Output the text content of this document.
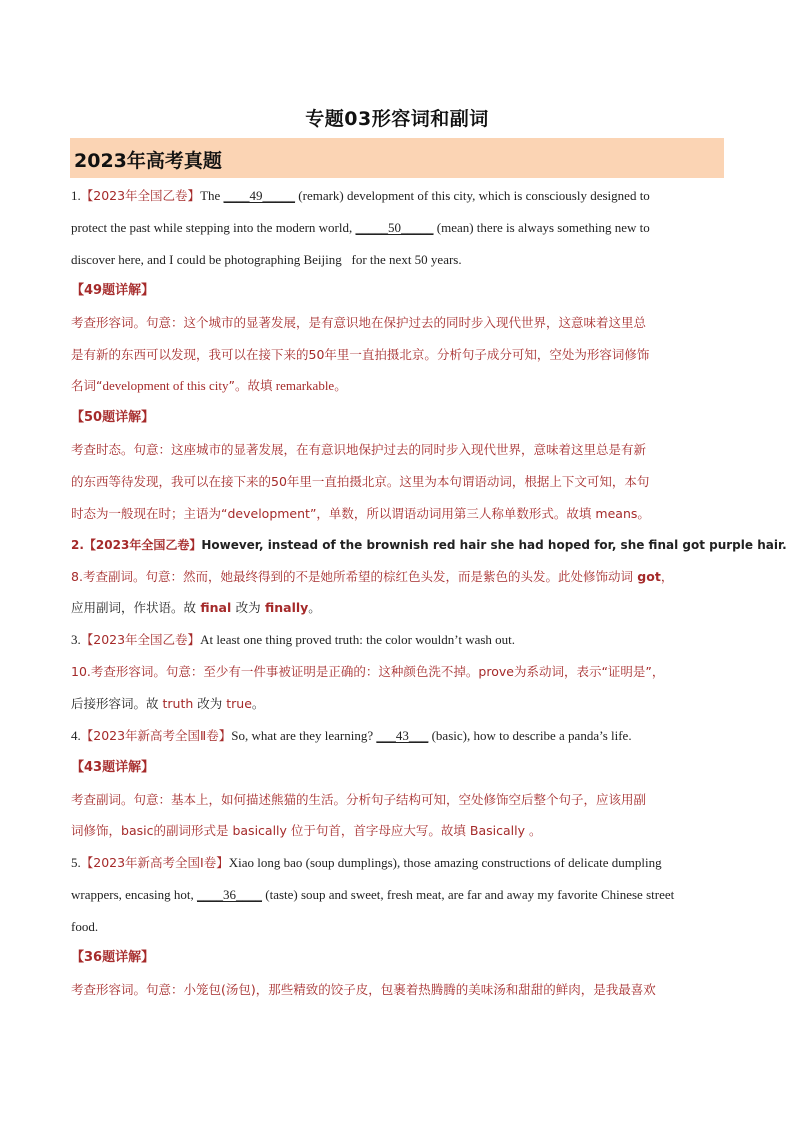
专题03形容词和副词
2023年高考真题
1.【2023年全国乙卷】The ____49_____ (remark) development of this city, which is consciously designed to
protect the past while stepping into the modern world, _____50_____ (mean) there is always something new to
discover here, and I could be photographing Beijing   for the next 50 years.
【49题详解】
考查形容词。句意：这个城市的显著发展，是有意识地在保护过去的同时步入现代世界，这意味着这里总
是有新的东西可以发现，我可以在接下来的50年里一直拍摄北京。分析句子成分可知，空处为形容词修饰
名词“development of this city”。故填 remarkable。
【50题详解】
考查时态。句意：这座城市的显著发展，在有意识地保护过去的同时步入现代世界，意味着这里总是有新
的东西等待发现，我可以在接下来的50年里一直拍摄北京。这里为本句谓语动词，根据上下文可知，本句
时态为一般现在时；主语为“development”，单数，所以谓语动词用第三人称单数形式。故填 means。
2.【2023年全国乙卷】However, instead of the brownish red hair she had hoped for, she final got purple hair.
8.考查副词。句意：然而，她最终得到的不是她所希望的棕红色头发，而是紫色的头发。此处修饰动词 got，
应用副词，作状语。故 final 改为 finally。
3.【2023年全国乙卷】At least one thing proved truth: the color wouldn’t wash out.
10.考查形容词。句意：至少有一件事被证明是正确的：这种颜色洗不掉。prove为系动词，表示“证明是”，
后接形容词。故 truth 改为 true。
4.【2023年新高考全国Ⅱ卷】So, what are they learning? ___43___ (basic), how to describe a panda’s life.
【43题详解】
考查副词。句意：基本上，如何描述熊猫的生活。分析句子结构可知，空处修饰空后整个句子，应该用副
词修饰，basic的副词形式是 basically 位于句首，首字母应大写。故填 Basically 。
5.【2023年新高考全国Ⅰ卷】Xiao long bao (soup dumplings), those amazing constructions of delicate dumpling
wrappers, encasing hot, ____36____ (taste) soup and sweet, fresh meat, are far and away my favorite Chinese street
food.
【36题详解】
考查形容词。句意：小笼包(汤包)，那些精致的饺子皮，包裹着热腾腾的美味汤和甜甜的鲜肉，是我最喜欢
